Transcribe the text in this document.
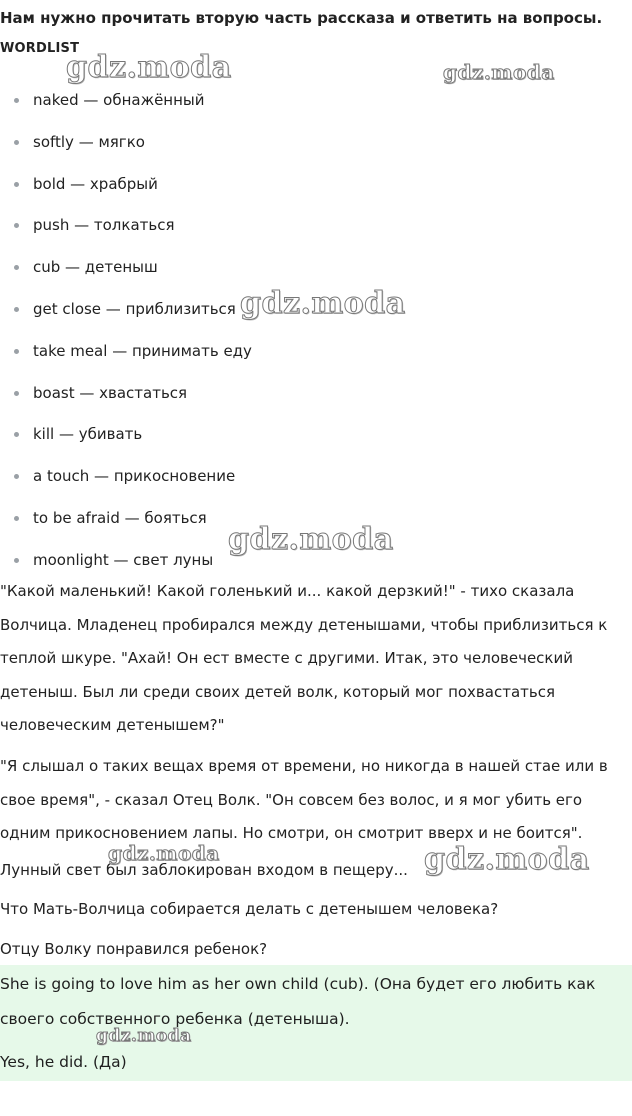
Нам нужно прочитать вторую часть рассказа и ответить на вопросы.
WORDLIST
naked — обнажённый
softly — мягко
bold — храбрый
push — толкаться
cub — детеныш
get close — приблизиться
take meal — принимать еду
boast — хвастаться
kill — убивать
a touch — прикосновение
to be afraid — бояться
moonlight — свет луны

"Какой маленький! Какой голенький и... какой дерзкий!" - тихо сказала Волчица. Младенец пробирался между детенышами, чтобы приблизиться к теплой шкуре. "Ахай! Он ест вместе с другими. Итак, это человеческий детеныш. Был ли среди своих детей волк, который мог похвастаться человеческим детенышем?"

"Я слышал о таких вещах время от времени, но никогда в нашей стае или в свое время", - сказал Отец Волк. "Он совсем без волос, и я мог убить его одним прикосновением лапы. Но смотри, он смотрит вверх и не боится".

Лунный свет был заблокирован входом в пещеру...

Что Мать-Волчица собирается делать с детенышем человека?

Отцу Волку понравился ребенок?

She is going to love him as her own child (cub). (Она будет его любить как своего собственного ребенка (детеныша).

Yes, he did. (Да)

gdz.moda	gdz.moda
gdz.moda
gdz.moda
gdz.moda	gdz.moda
gdz.moda
